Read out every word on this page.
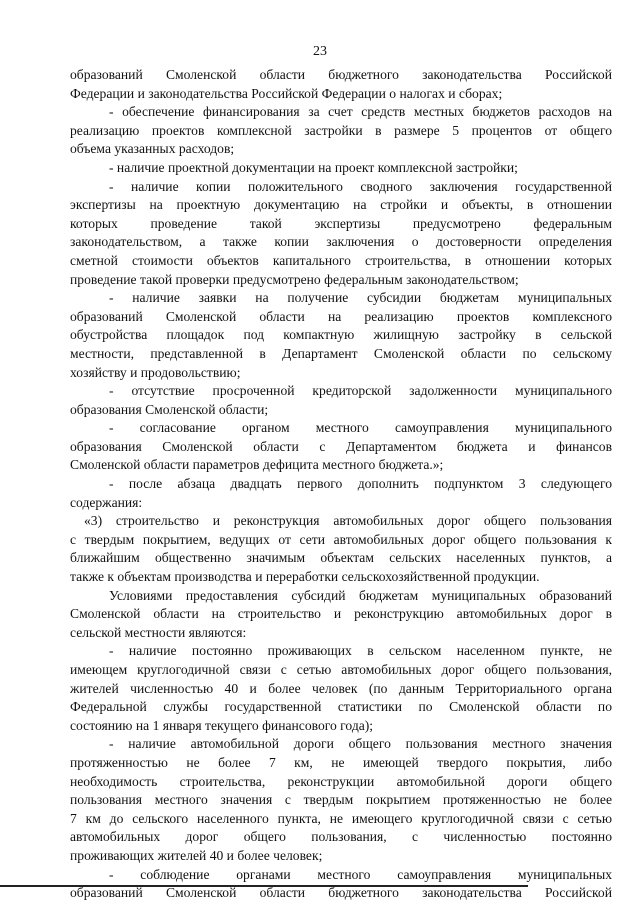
23
образований Смоленской области бюджетного законодательства Российской
Федерации и законодательства Российской Федерации о налогах и сборах;
- обеспечение финансирования за счет средств местных бюджетов расходов на
реализацию проектов комплексной застройки в размере 5 процентов от общего
объема указанных расходов;
- наличие проектной документации на проект комплексной застройки;
- наличие копии положительного сводного заключения государственной
экспертизы на проектную документацию на стройки и объекты, в отношении
которых проведение такой экспертизы предусмотрено федеральным
законодательством, а также копии заключения о достоверности определения
сметной стоимости объектов капитального строительства, в отношении которых
проведение такой проверки предусмотрено федеральным законодательством;
- наличие заявки на получение субсидии бюджетам муниципальных
образований Смоленской области на реализацию проектов комплексного
обустройства площадок под компактную жилищную застройку в сельской
местности, представленной в Департамент Смоленской области по сельскому
хозяйству и продовольствию;
- отсутствие просроченной кредиторской задолженности муниципального
образования Смоленской области;
- согласование органом местного самоуправления муниципального
образования Смоленской области с Департаментом бюджета и финансов
Смоленской области параметров дефицита местного бюджета.»;
- после абзаца двадцать первого дополнить подпунктом 3 следующего
содержания:
«3) строительство и реконструкция автомобильных дорог общего пользования
с твердым покрытием, ведущих от сети автомобильных дорог общего пользования к
ближайшим общественно значимым объектам сельских населенных пунктов, а
также к объектам производства и переработки сельскохозяйственной продукции.
Условиями предоставления субсидий бюджетам муниципальных образований
Смоленской области на строительство и реконструкцию автомобильных дорог в
сельской местности являются:
- наличие постоянно проживающих в сельском населенном пункте, не
имеющем круглогодичной связи с сетью автомобильных дорог общего пользования,
жителей численностью 40 и более человек (по данным Территориального органа
Федеральной службы государственной статистики по Смоленской области по
состоянию на 1 января текущего финансового года);
- наличие автомобильной дороги общего пользования местного значения
протяженностью не более 7 км, не имеющей твердого покрытия, либо
необходимость строительства, реконструкции автомобильной дороги общего
пользования местного значения с твердым покрытием протяженностью не более
7 км до сельского населенного пункта, не имеющего круглогодичной связи с сетью
автомобильных дорог общего пользования, с численностью постоянно
проживающих жителей 40 и более человек;
- соблюдение органами местного самоуправления муниципальных
образований Смоленской области бюджетного законодательства Российской
